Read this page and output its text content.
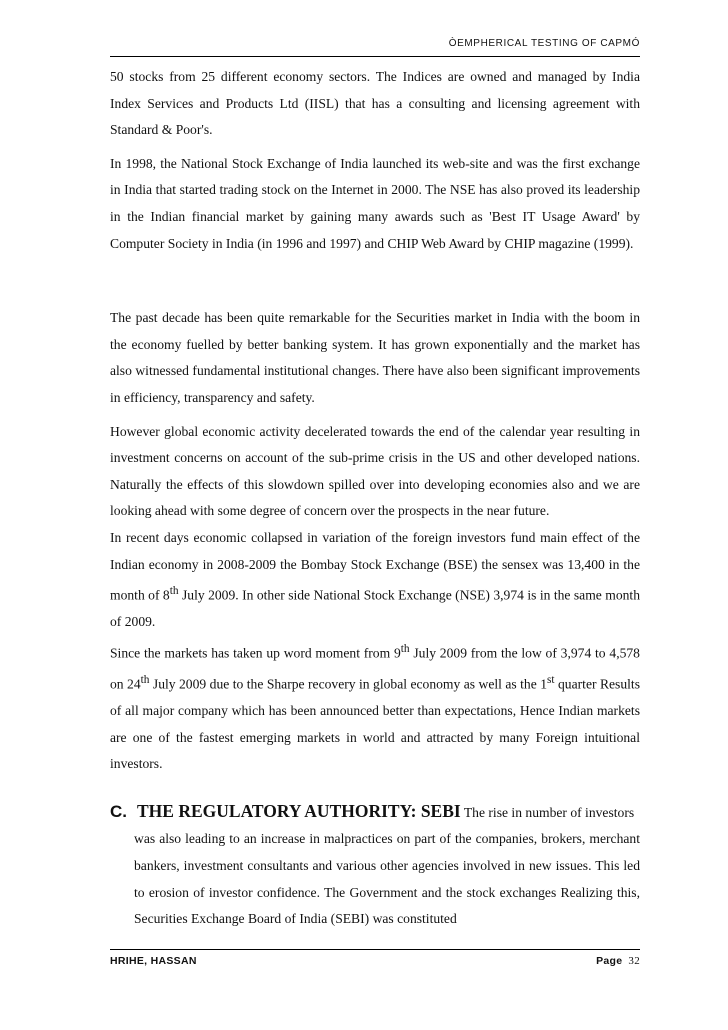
ÒEMPHERICAL TESTING OF CAPMÓ

50 stocks from 25 different economy sectors. The Indices are owned and managed by India Index Services and Products Ltd (IISL) that has a consulting and licensing agreement with Standard & Poor's.

In 1998, the National Stock Exchange of India launched its web-site and was the first exchange in India that started trading stock on the Internet in 2000. The NSE has also proved its leadership in the Indian financial market by gaining many awards such as 'Best IT Usage Award' by Computer Society in India (in 1996 and 1997) and CHIP Web Award by CHIP magazine (1999).

The past decade has been quite remarkable for the Securities market in India with the boom in the economy fuelled by better banking system. It has grown exponentially and the market has also witnessed fundamental institutional changes. There have also been significant improvements in efficiency, transparency and safety.

However global economic activity decelerated towards the end of the calendar year resulting in investment concerns on account of the sub-prime crisis in the US and other developed nations. Naturally the effects of this slowdown spilled over into developing economies also and we are looking ahead with some degree of concern over the prospects in the near future.

In recent days economic collapsed in variation of the foreign investors fund main effect of the Indian economy in 2008-2009 the Bombay Stock Exchange (BSE) the sensex was 13,400 in the month of 8th July 2009. In other side National Stock Exchange (NSE) 3,974 is in the same month of 2009.

Since the markets has taken up word moment from 9th July 2009 from the low of 3,974 to 4,578 on 24th July 2009 due to the Sharpe recovery in global economy as well as the 1st quarter Results of all major company which has been announced better than expectations, Hence Indian markets are one of the fastest emerging markets in world and attracted by many Foreign intuitional investors.

C. THE REGULATORY AUTHORITY: SEBI The rise in number of investors

was also leading to an increase in malpractices on part of the companies, brokers, merchant bankers, investment consultants and various other agencies involved in new issues. This led to erosion of investor confidence. The Government and the stock exchanges Realizing this, Securities Exchange Board of India (SEBI) was constituted

HRIHE, HASSAN	Page 32
